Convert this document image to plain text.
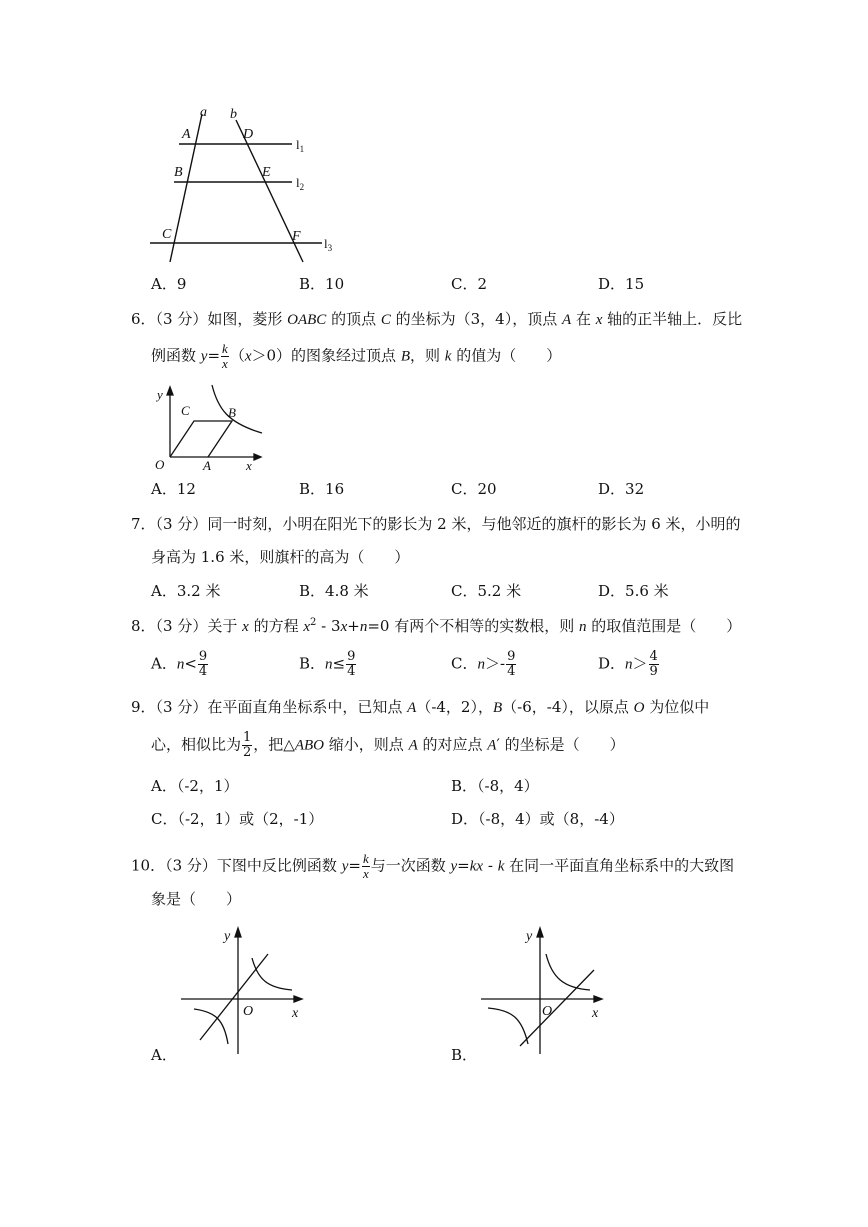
a b
A	D
B	E
C	F
$l_1$
$l_2$
$l_3$
A．9	B．10	C．2	D．15
6．（3 分）如图，菱形 OABC 的顶点 C 的坐标为（3，4），顶点 A 在 x 轴的正半轴上．反比
例函数 $y= \frac{k}{x} (x>0)$的图象经过顶点 B，则 k 的值为（　　）
y
C	B
O	A	x
A．12	B．16	C．20	D．32
7．（3 分）同一时刻，小明在阳光下的影长为 2 米，与他邻近的旗杆的影长为 6 米，小明的
身高为 1.6 米，则旗杆的高为（　　）
A．3.2 米	B．4.8 米	C．5.2 米	D．5.6 米
8．（3 分）关于 x 的方程 $x^2$ ‐ 3x+n=0 有两个不相等的实数根，则 n 的取值范围是（　　）
A．$n< \frac{9}{4}$	B．$n\le \frac{9}{4}$	C．n＞‐ $\frac{9}{4}$	D．$n> \frac{4}{9}$
9．（3 分）在平面直角坐标系中，已知点 A（‐4，2），B（‐6，‐4），以原点 O 为位似中
心，相似比为 $\frac{1}{2}$ ，把△ABO 缩小，则点 A 的对应点 A′ 的坐标是（　　）
A．（‐2，1）	B．（‐8，4）
C．（‐2，1）或（2，‐1）	D．（‐8，4）或（8，‐4）
10．（3 分）下图中反比例函数 $y= \frac{k}{x}$ 与一次函数 y=kx ‐ k 在同一平面直角坐标系中的大致图
象是（　　）
y
O	x
A．
y
O	x
B．
